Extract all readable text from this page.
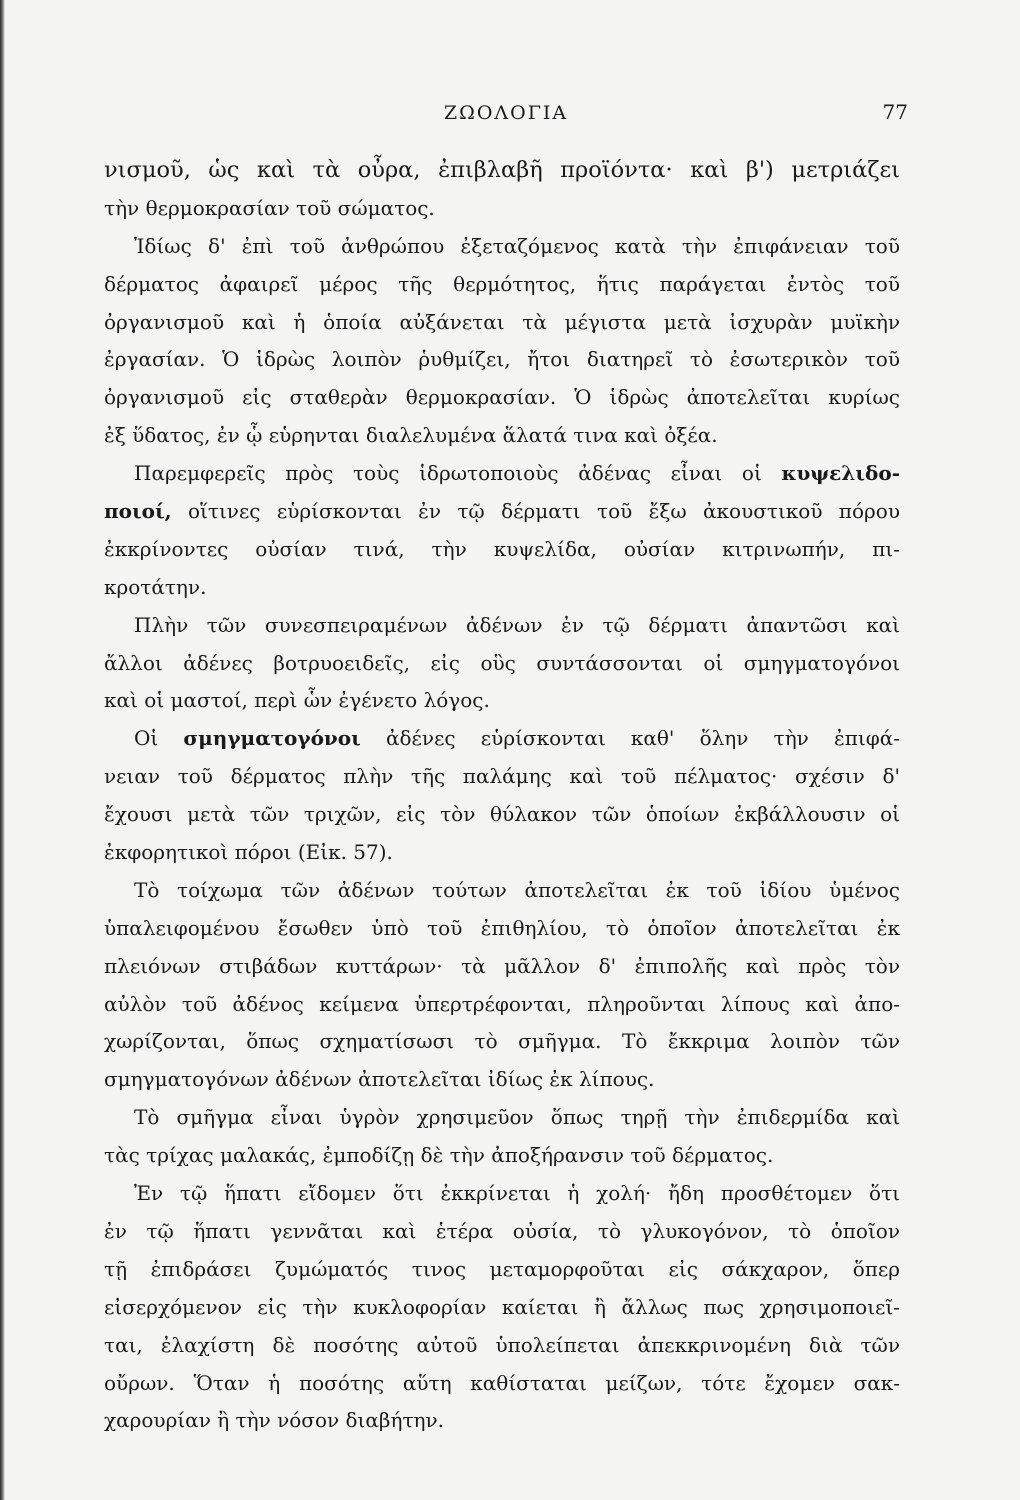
ΖΩΟΛΟΓΙΑ	77
νισμοῦ, ὡς καὶ τὰ οὖρα, ἐπιβλαβῆ προϊόντα· καὶ β') μετριάζει
τὴν θερμοκρασίαν τοῦ σώματος.
Ἰδίως δ' ἐπὶ τοῦ ἀνθρώπου ἐξεταζόμενος κατὰ τὴν ἐπιφάνειαν τοῦ
δέρματος ἀφαιρεῖ μέρος τῆς θερμότητος, ἥτις παράγεται ἐντὸς τοῦ
ὀργανισμοῦ καὶ ἡ ὁποία αὐξάνεται τὰ μέγιστα μετὰ ἰσχυρὰν μυϊκὴν
ἐργασίαν. Ὁ ἱδρὼς λοιπὸν ῥυθμίζει, ἤτοι διατηρεῖ τὸ ἐσωτερικὸν τοῦ
ὀργανισμοῦ εἰς σταθερὰν θερμοκρασίαν. Ὁ ἱδρὼς ἀποτελεῖται κυρίως
ἐξ ὕδατος, ἐν ᾧ εὑρηνται διαλελυμένα ἅλατά τινα καὶ ὀξέα.
Παρεμφερεῖς πρὸς τοὺς ἱδρωτοποιοὺς ἀδένας εἶναι οἱ κυψελιδο-
ποιοί, οἵτινες εὑρίσκονται ἐν τῷ δέρματι τοῦ ἔξω ἀκουστικοῦ πόρου
ἐκκρίνοντες οὐσίαν τινά, τὴν κυψελίδα, οὐσίαν κιτρινωπήν, πι-
κροτάτην.
Πλὴν τῶν συνεσπειραμένων ἀδένων ἐν τῷ δέρματι ἀπαντῶσι καὶ
ἄλλοι ἀδένες βοτρυοειδεῖς, εἰς οὓς συντάσσονται οἱ σμηγματογόνοι
καὶ οἱ μαστοί, περὶ ὧν ἐγένετο λόγος.
Οἱ σμηγματογόνοι ἀδένες εὑρίσκονται καθ' ὅλην τὴν ἐπιφά-
νειαν τοῦ δέρματος πλὴν τῆς παλάμης καὶ τοῦ πέλματος· σχέσιν δ'
ἔχουσι μετὰ τῶν τριχῶν, εἰς τὸν θύλακον τῶν ὁποίων ἐκβάλλουσιν οἱ
ἐκφορητικοὶ πόροι (Εἰκ. 57).
Τὸ τοίχωμα τῶν ἀδένων τούτων ἀποτελεῖται ἐκ τοῦ ἰδίου ὑμένος
ὑπαλειφομένου ἔσωθεν ὑπὸ τοῦ ἐπιθηλίου, τὸ ὁποῖον ἀποτελεῖται ἐκ
πλειόνων στιβάδων κυττάρων· τὰ μᾶλλον δ' ἐπιπολῆς καὶ πρὸς τὸν
αὐλὸν τοῦ ἀδένος κείμενα ὑπερτρέφονται, πληροῦνται λίπους καὶ ἀπο-
χωρίζονται, ὅπως σχηματίσωσι τὸ σμῆγμα. Τὸ ἔκκριμα λοιπὸν τῶν
σμηγματογόνων ἀδένων ἀποτελεῖται ἰδίως ἐκ λίπους.
Τὸ σμῆγμα εἶναι ὑγρὸν χρησιμεῦον ὅπως τηρῇ τὴν ἐπιδερμίδα καὶ
τὰς τρίχας μαλακάς, ἐμποδίζῃ δὲ τὴν ἀποξήρανσιν τοῦ δέρματος.
Ἐν τῷ ἥπατι εἴδομεν ὅτι ἐκκρίνεται ἡ χολή· ἤδη προσθέτομεν ὅτι
ἐν τῷ ἥπατι γεννᾶται καὶ ἑτέρα οὐσία, τὸ γλυκογόνον, τὸ ὁποῖον
τῇ ἐπιδράσει ζυμώματός τινος μεταμορφοῦται εἰς σάκχαρον, ὅπερ
εἰσερχόμενον εἰς τὴν κυκλοφορίαν καίεται ἢ ἄλλως πως χρησιμοποιεῖ-
ται, ἐλαχίστη δὲ ποσότης αὐτοῦ ὑπολείπεται ἀπεκκρινομένη διὰ τῶν
οὔρων. Ὅταν ἡ ποσότης αὕτη καθίσταται μείζων, τότε ἔχομεν σακ-
χαρουρίαν ἢ τὴν νόσον διαβήτην.
